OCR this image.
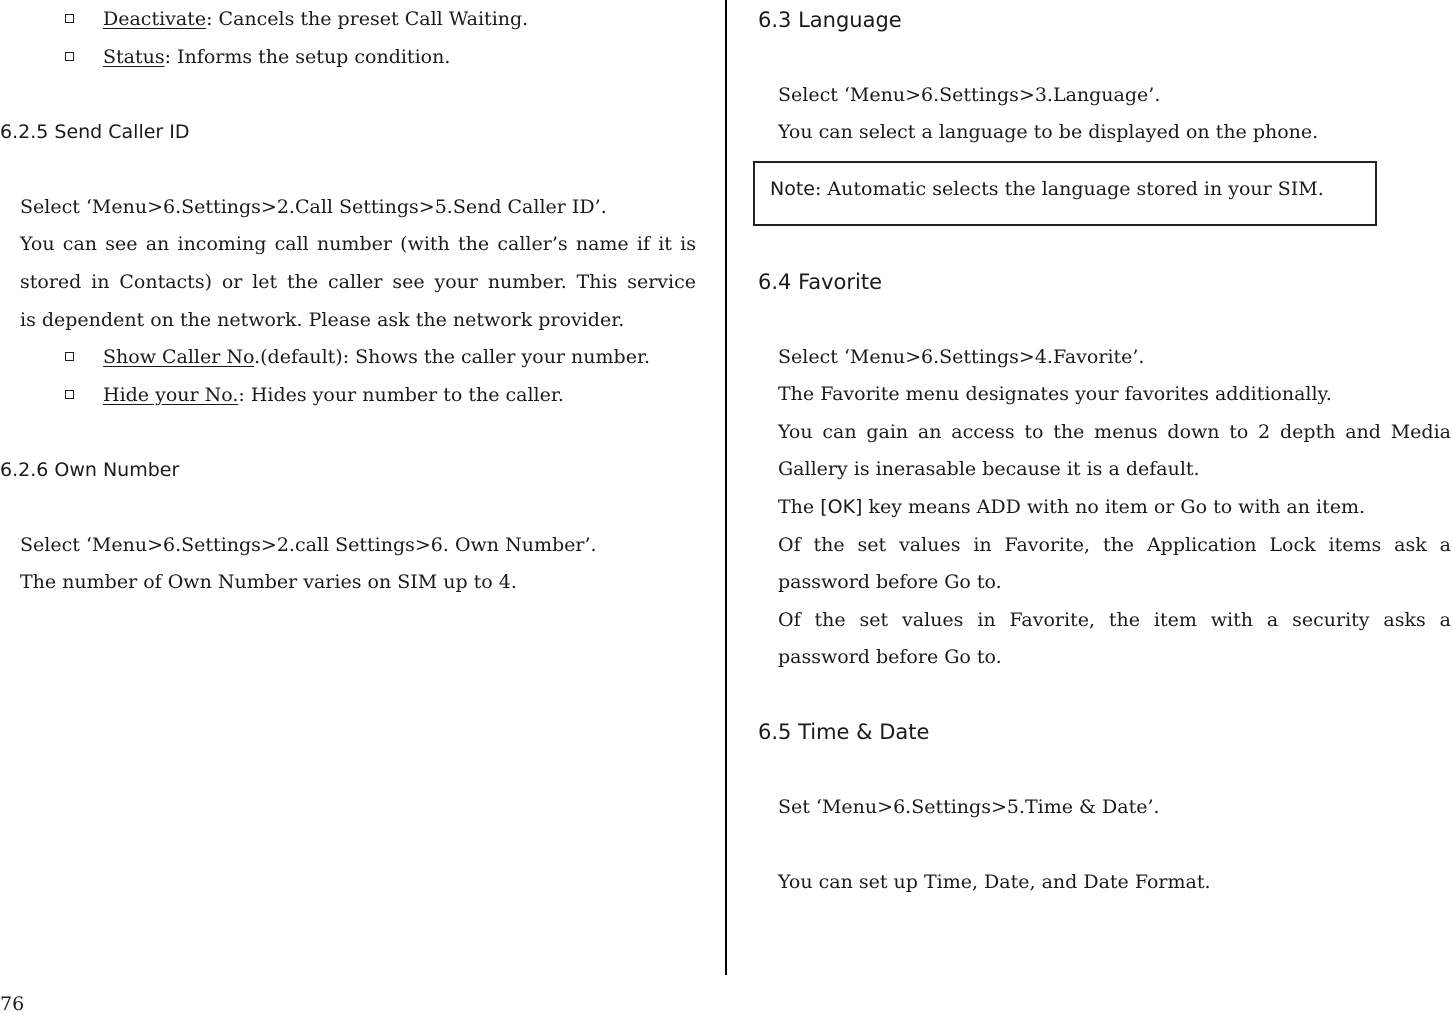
Deactivate: Cancels the preset Call Waiting.
Status: Informs the setup condition.
6.2.5 Send Caller ID
Select ‘Menu>6.Settings>2.Call Settings>5.Send Caller ID’.
You can see an incoming call number (with the caller’s name if it is
stored in Contacts) or let the caller see your number. This service
is dependent on the network. Please ask the network provider.
Show Caller No.(default): Shows the caller your number.
Hide your No.: Hides your number to the caller.
6.2.6 Own Number
Select ‘Menu>6.Settings>2.call Settings>6. Own Number’.
The number of Own Number varies on SIM up to 4.
6.3 Language
Select ‘Menu>6.Settings>3.Language’.
You can select a language to be displayed on the phone.
Note: Automatic selects the language stored in your SIM.
6.4 Favorite
Select ‘Menu>6.Settings>4.Favorite’.
The Favorite menu designates your favorites additionally.
You can gain an access to the menus down to 2 depth and Media
Gallery is inerasable because it is a default.
The [OK] key means ADD with no item or Go to with an item.
Of the set values in Favorite, the Application Lock items ask a
password before Go to.
Of the set values in Favorite, the item with a security asks a
password before Go to.
6.5 Time & Date
Set ‘Menu>6.Settings>5.Time & Date’.
You can set up Time, Date, and Date Format.
76
